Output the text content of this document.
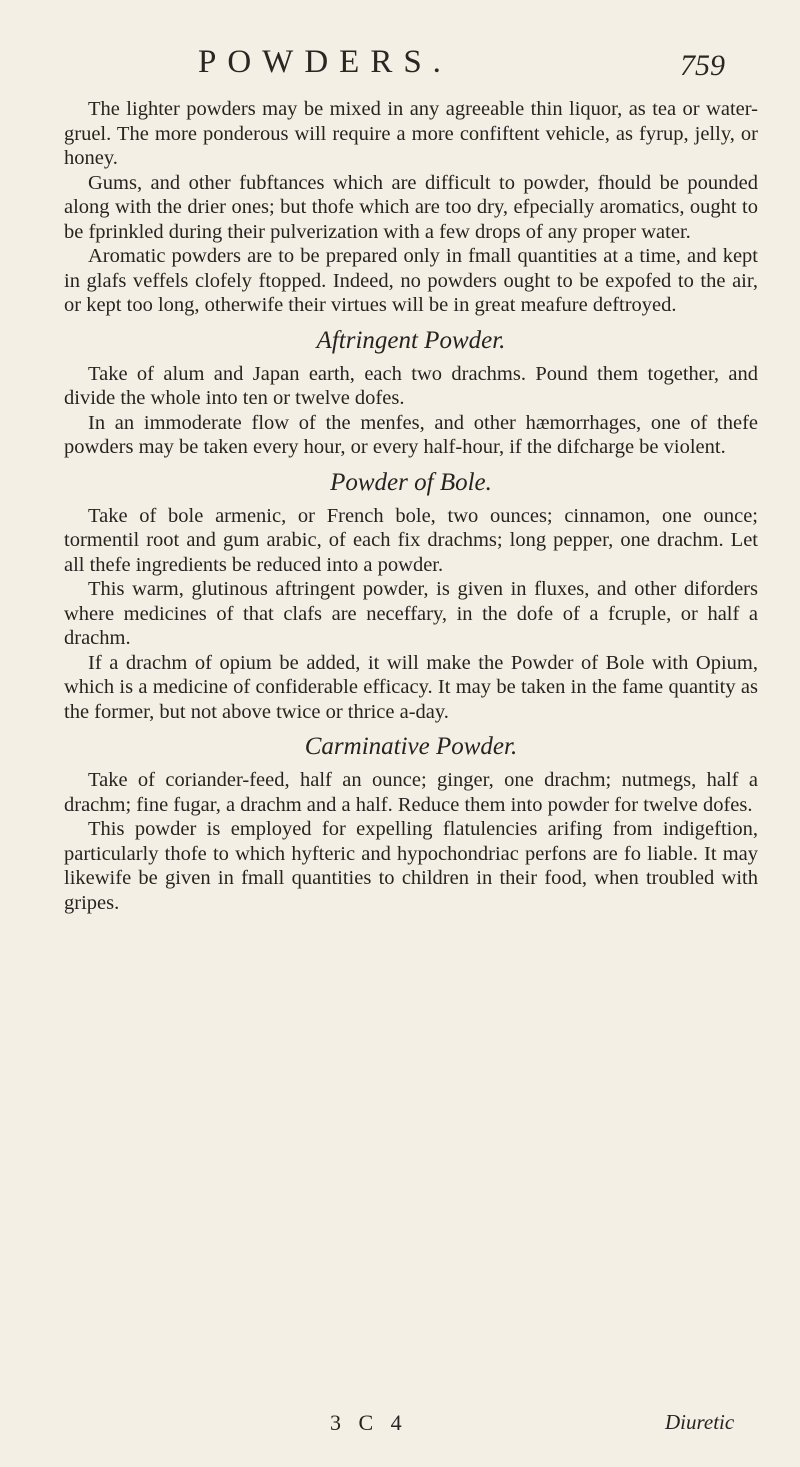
POWDERS.	759

The lighter powders may be mixed in any agreeable thin liquor, as tea or water-gruel. The more ponderous will require a more confiftent vehicle, as fyrup, jelly, or honey.

Gums, and other fubftances which are difficult to powder, fhould be pounded along with the drier ones; but thofe which are too dry, efpecially aromatics, ought to be fprinkled during their pulverization with a few drops of any proper water.

Aromatic powders are to be prepared only in fmall quantities at a time, and kept in glafs veffels clofely ftopped. Indeed, no powders ought to be expofed to the air, or kept too long, otherwife their virtues will be in great meafure deftroyed.

Aftringent Powder.

Take of alum and Japan earth, each two drachms. Pound them together, and divide the whole into ten or twelve dofes.

In an immoderate flow of the menfes, and other hæmorrhages, one of thefe powders may be taken every hour, or every half-hour, if the difcharge be violent.

Powder of Bole.

Take of bole armenic, or French bole, two ounces; cinnamon, one ounce; tormentil root and gum arabic, of each fix drachms; long pepper, one drachm. Let all thefe ingredients be reduced into a powder.

This warm, glutinous aftringent powder, is given in fluxes, and other diforders where medicines of that clafs are neceffary, in the dofe of a fcruple, or half a drachm.

If a drachm of opium be added, it will make the Powder of Bole with Opium, which is a medicine of confiderable efficacy. It may be taken in the fame quantity as the former, but not above twice or thrice a-day.

Carminative Powder.

Take of coriander-feed, half an ounce; ginger, one drachm; nutmegs, half a drachm; fine fugar, a drachm and a half. Reduce them into powder for twelve dofes.

This powder is employed for expelling flatulencies arifing from indigeftion, particularly thofe to which hyfteric and hypochondriac perfons are fo liable. It may likewife be given in fmall quantities to children in their food, when troubled with gripes.

3 C 4	Diuretic
